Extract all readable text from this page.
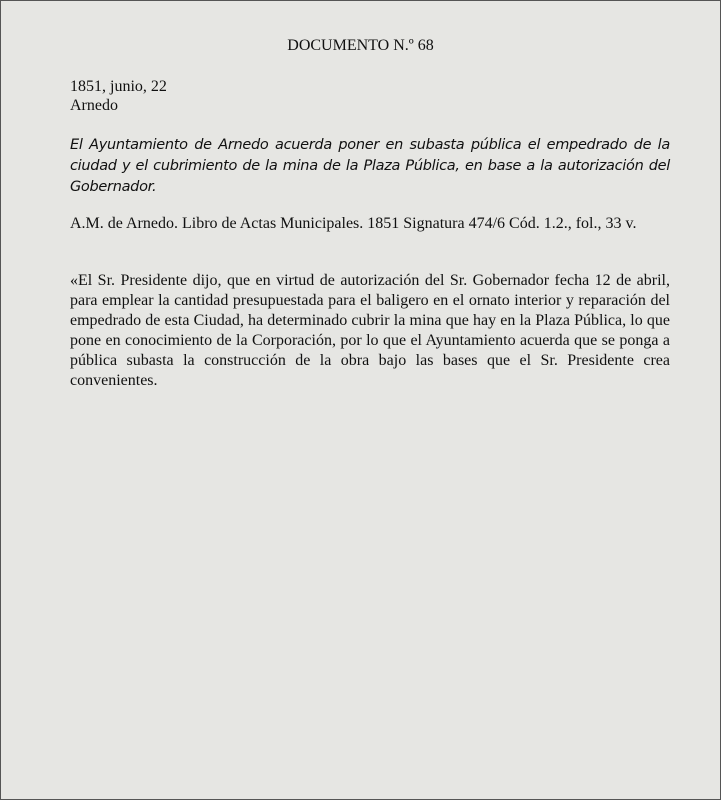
DOCUMENTO N.º 68
1851, junio, 22
Arnedo
El Ayuntamiento de Arnedo acuerda poner en subasta pública el empedrado de la ciudad y el cubrimiento de la mina de la Plaza Pública, en base a la autorización del Gobernador.
A.M. de Arnedo. Libro de Actas Municipales. 1851 Signatura 474/6 Cód. 1.2., fol., 33 v.
«El Sr. Presidente dijo, que en virtud de autorización del Sr. Gobernador fecha 12 de abril, para emplear la cantidad presupuestada para el baligero en el ornato interior y reparación del empedrado de esta Ciudad, ha determinado cubrir la mina que hay en la Plaza Pública, lo que pone en conocimiento de la Corporación, por lo que el Ayuntamiento acuerda que se ponga a pública subasta la construcción de la obra bajo las bases que el Sr. Presidente crea convenientes.
